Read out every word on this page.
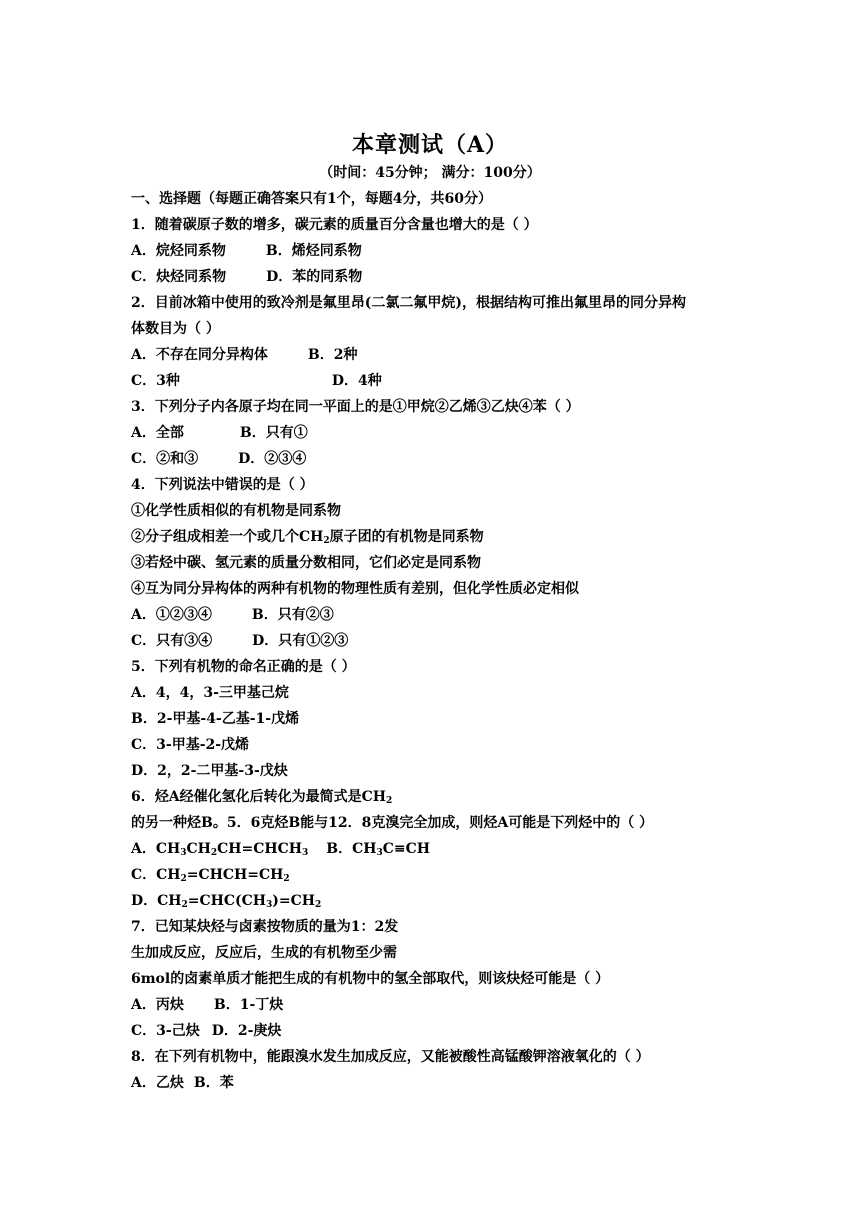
本章测试（A）
（时间：45分钟； 满分：100分）
一、选择题（每题正确答案只有1个，每题4分，共60分）
1．随着碳原子数的增多，碳元素的质量百分含量也增大的是（ ）
A．烷烃同系物	B．烯烃同系物
C．炔烃同系物	D．苯的同系物
2．目前冰箱中使用的致冷剂是氟里昂(二氯二氟甲烷)，根据结构可推出氟里昂的同分异构
体数目为（ ）
A．不存在同分异构体	B．2种
C．3种	D．4种
3．下列分子内各原子均在同一平面上的是①甲烷②乙烯③乙炔④苯（ ）
A．全部	B．只有①
C．②和③	D．②③④
4．下列说法中错误的是（ ）
①化学性质相似的有机物是同系物
②分子组成相差一个或几个$CH_2$原子团的有机物是同系物
③若烃中碳、氢元素的质量分数相同，它们必定是同系物
④互为同分异构体的两种有机物的物理性质有差别，但化学性质必定相似
A．①②③④	B．只有②③
C．只有③④	D．只有①②③
5．下列有机物的命名正确的是（ ）
A．4，4，3-三甲基己烷
B．2-甲基-4-乙基-1-戊烯
C．3-甲基-2-戊烯
D．2，2-二甲基-3-戊炔
6．烃A经催化氢化后转化为最简式是$CH_2$
的另一种烃B。5．6克烃B能与12．8克溴完全加成，则烃A可能是下列烃中的（ ）
A．$CH_3CH_2CH=CHCH_3$ B．$CH_3C\equiv CH$
C．$CH_2=CHCH=CH_2$
D．$CH_2=CHC(CH_3)=CH_2$
7．已知某炔烃与卤素按物质的量为1：2发
生加成反应，反应后，生成的有机物至少需
6mol的卤素单质才能把生成的有机物中的氢全部取代，则该炔烃可能是（ ）
A．丙炔 B．1-丁炔
C．3-己炔 D．2-庚炔
8．在下列有机物中，能跟溴水发生加成反应，又能被酸性高锰酸钾溶液氧化的（ ）
A．乙炔 B．苯
